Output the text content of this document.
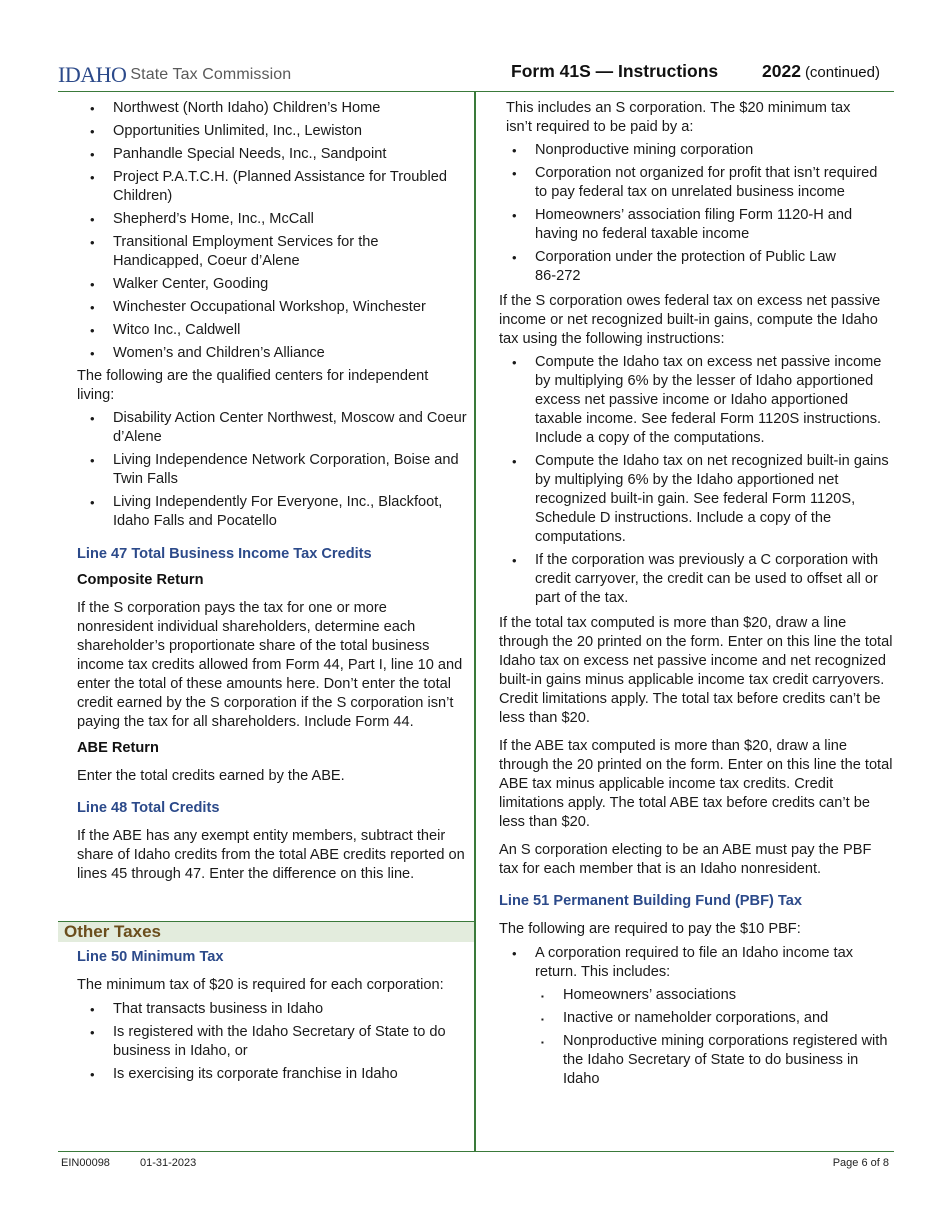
IDAHO State Tax Commission	Form 41S — Instructions	2022 (continued)
• Northwest (North Idaho) Children’s Home
• Opportunities Unlimited, Inc., Lewiston
• Panhandle Special Needs, Inc., Sandpoint
• Project P.A.T.C.H. (Planned Assistance for Troubled Children)
• Shepherd’s Home, Inc., McCall
• Transitional Employment Services for the Handicapped, Coeur d’Alene
• Walker Center, Gooding
• Winchester Occupational Workshop, Winchester
• Witco Inc., Caldwell
• Women’s and Children’s Alliance

The following are the qualified centers for independent living:

• Disability Action Center Northwest, Moscow and Coeur d’Alene
• Living Independence Network Corporation, Boise and Twin Falls
• Living Independently For Everyone, Inc., Blackfoot, Idaho Falls and Pocatello

Line 47 Total Business Income Tax Credits

Composite Return

If the S corporation pays the tax for one or more nonresident individual shareholders, determine each shareholder’s proportionate share of the total business income tax credits allowed from Form 44, Part I, line 10 and enter the total of these amounts here. Don’t enter the total credit earned by the S corporation if the S corporation isn’t paying the tax for all shareholders. Include Form 44.

ABE Return

Enter the total credits earned by the ABE.

Line 48 Total Credits

If the ABE has any exempt entity members, subtract their share of Idaho credits from the total ABE credits reported on lines 45 through 47. Enter the difference on this line.

Other Taxes

Line 50 Minimum Tax

The minimum tax of $20 is required for each corporation:

• That transacts business in Idaho
• Is registered with the Idaho Secretary of State to do business in Idaho, or
• Is exercising its corporate franchise in Idaho

This includes an S corporation. The $20 minimum tax isn’t required to be paid by a:

• Nonproductive mining corporation
• Corporation not organized for profit that isn’t required to pay federal tax on unrelated business income
• Homeowners’ association filing Form 1120-H and having no federal taxable income
• Corporation under the protection of Public Law 86-272

If the S corporation owes federal tax on excess net passive income or net recognized built-in gains, compute the Idaho tax using the following instructions:

• Compute the Idaho tax on excess net passive income by multiplying 6% by the lesser of Idaho apportioned excess net passive income or Idaho apportioned taxable income. See federal Form 1120S instructions. Include a copy of the computations.
• Compute the Idaho tax on net recognized built-in gains by multiplying 6% by the Idaho apportioned net recognized built-in gain. See federal Form 1120S, Schedule D instructions. Include a copy of the computations.
• If the corporation was previously a C corporation with credit carryover, the credit can be used to offset all or part of the tax.

If the total tax computed is more than $20, draw a line through the 20 printed on the form. Enter on this line the total Idaho tax on excess net passive income and net recognized built-in gains minus applicable income tax credit carryovers. Credit limitations apply. The total tax before credits can’t be less than $20.

If the ABE tax computed is more than $20, draw a line through the 20 printed on the form. Enter on this line the total ABE tax minus applicable income tax credits. Credit limitations apply. The total ABE tax before credits can’t be less than $20.

An S corporation electing to be an ABE must pay the PBF tax for each member that is an Idaho nonresident.

Line 51 Permanent Building Fund (PBF) Tax

The following are required to pay the $10 PBF:

• A corporation required to file an Idaho income tax return. This includes:
▪ Homeowners’ associations
▪ Inactive or nameholder corporations, and
▪ Nonproductive mining corporations registered with the Idaho Secretary of State to do business in Idaho
EIN00098	01-31-2023	Page 6 of 8
